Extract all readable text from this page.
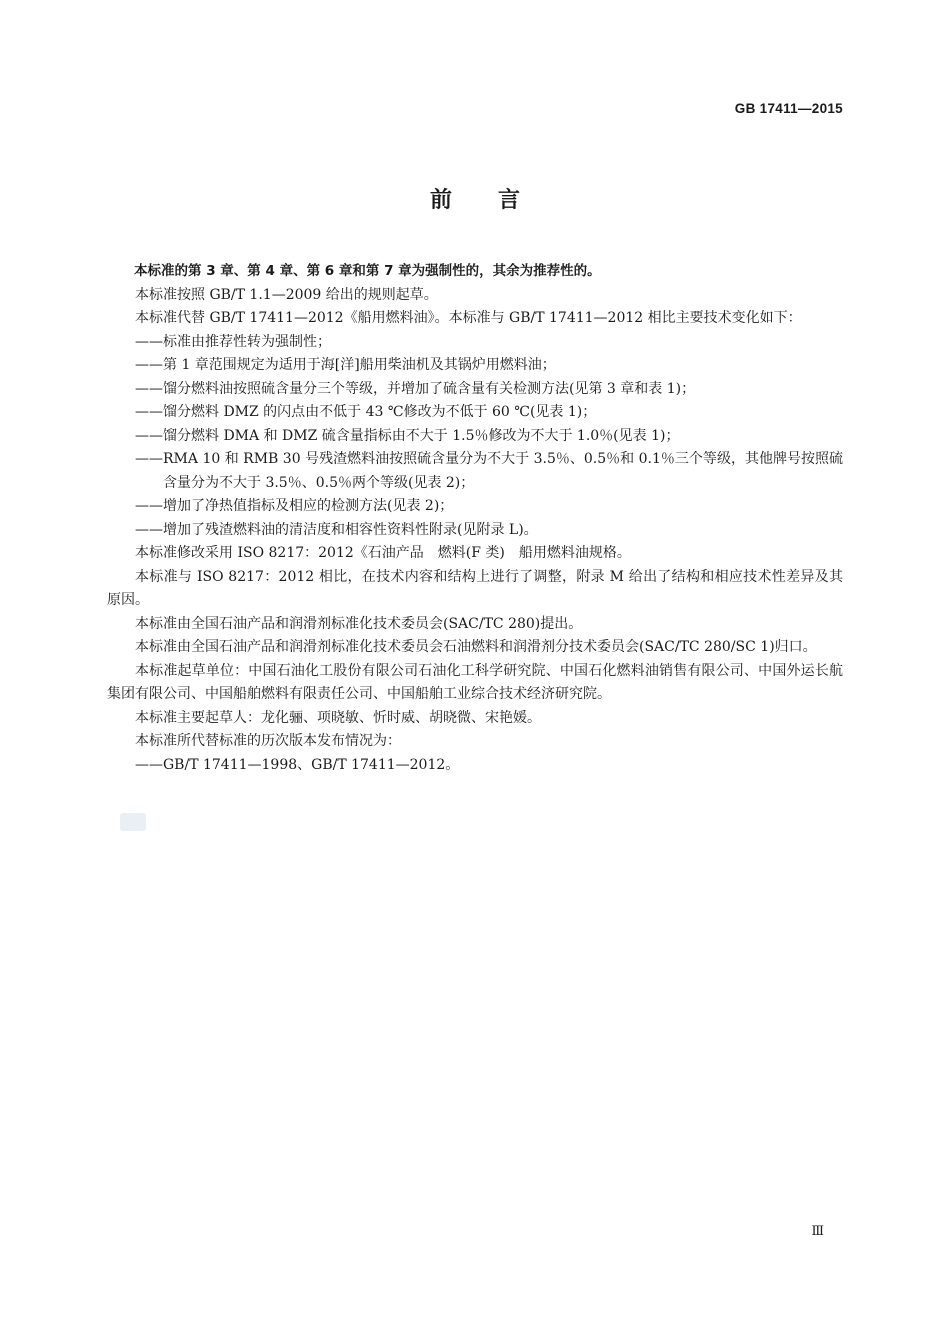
GB 17411—2015
前 言

本标准的第 3 章、第 4 章、第 6 章和第 7 章为强制性的，其余为推荐性的。

本标准按照 GB/T 1.1—2009 给出的规则起草。

本标准代替 GB/T 17411—2012《船用燃料油》。本标准与 GB/T 17411—2012 相比主要技术变化如下：

——标准由推荐性转为强制性；

——第 1 章范围规定为适用于海[洋]船用柴油机及其锅炉用燃料油；

——馏分燃料油按照硫含量分三个等级，并增加了硫含量有关检测方法(见第 3 章和表 1)；

——馏分燃料 DMZ 的闪点由不低于 43 ℃修改为不低于 60 ℃(见表 1)；

——馏分燃料 DMA 和 DMZ 硫含量指标由不大于 1.5％修改为不大于 1.0％(见表 1)；

——RMA 10 和 RMB 30 号残渣燃料油按照硫含量分为不大于 3.5％、0.5％和 0.1％三个等级，其他牌号按照硫含量分为不大于 3.5％、0.5％两个等级(见表 2)；

——增加了净热值指标及相应的检测方法(见表 2)；

——增加了残渣燃料油的清洁度和相容性资料性附录(见附录 L)。

本标准修改采用 ISO 8217：2012《石油产品　燃料(F 类)　船用燃料油规格。

本标准与 ISO 8217：2012 相比，在技术内容和结构上进行了调整，附录 M 给出了结构和相应技术性差异及其原因。

本标准由全国石油产品和润滑剂标准化技术委员会(SAC/TC 280)提出。

本标准由全国石油产品和润滑剂标准化技术委员会石油燃料和润滑剂分技术委员会(SAC/TC 280/SC 1)归口。

本标准起草单位：中国石油化工股份有限公司石油化工科学研究院、中国石化燃料油销售有限公司、中国外运长航集团有限公司、中国船舶燃料有限责任公司、中国船舶工业综合技术经济研究院。

本标准主要起草人：龙化骊、项晓敏、忻时威、胡晓微、宋艳媛。

本标准所代替标准的历次版本发布情况为：

——GB/T 17411—1998、GB/T 17411—2012。

Ⅲ
